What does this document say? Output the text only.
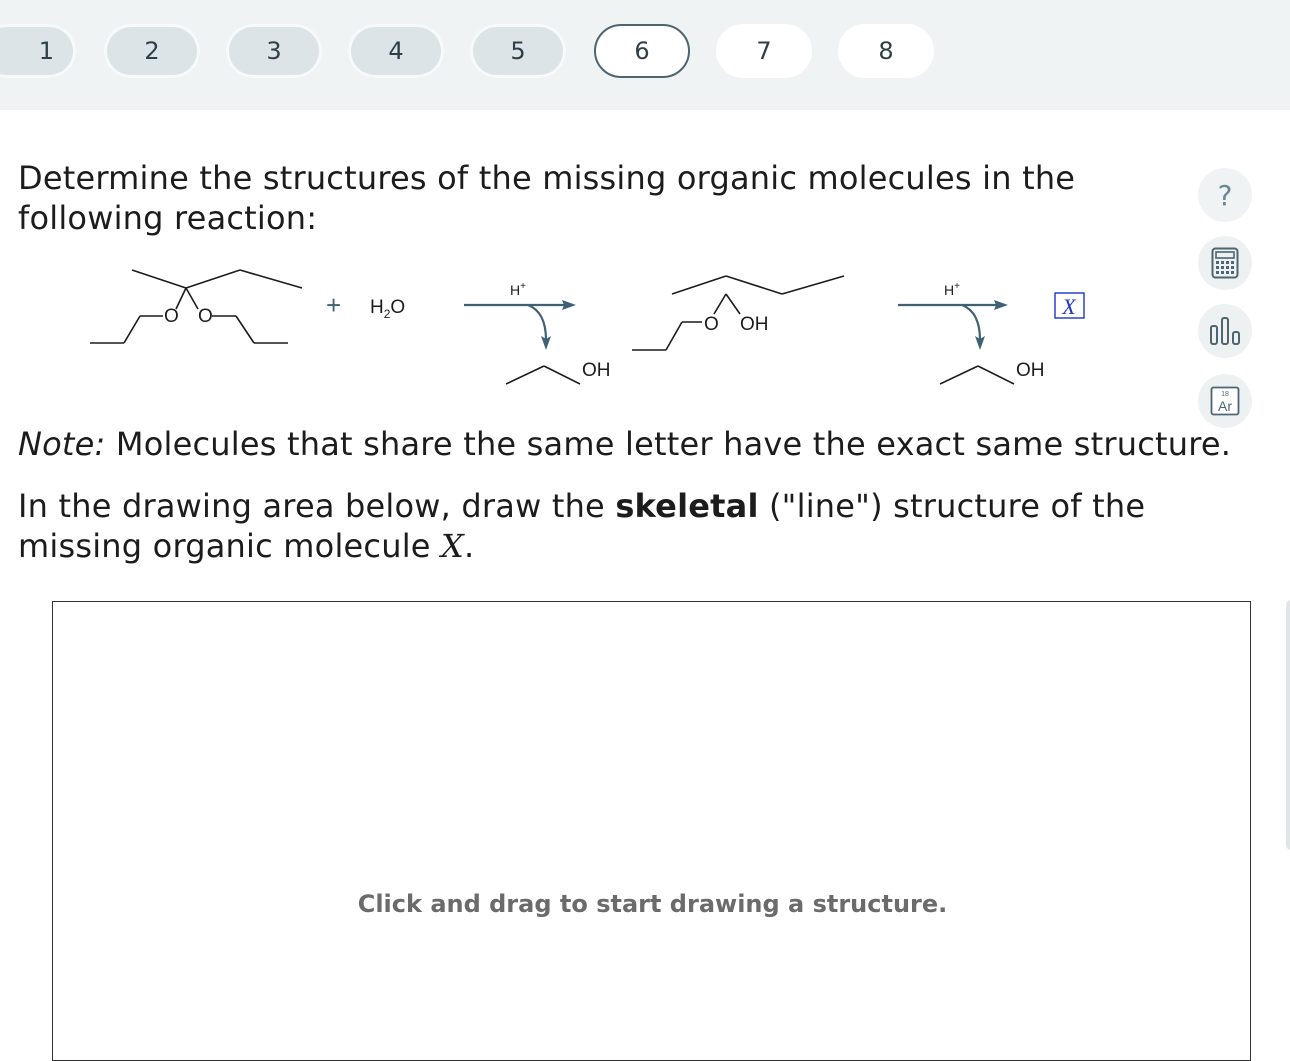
1	2	3	4	5	6	7	8
Determine the structures of the missing organic molecules in the following reaction:
?
18
Ar
O O	+ $H_2O$
H+
OH
O OH
H+
OH
X
Note: Molecules that share the same letter have the exact same structure.
In the drawing area below, draw the skeletal ("line") structure of the missing organic molecule X.
Click and drag to start drawing a structure.
